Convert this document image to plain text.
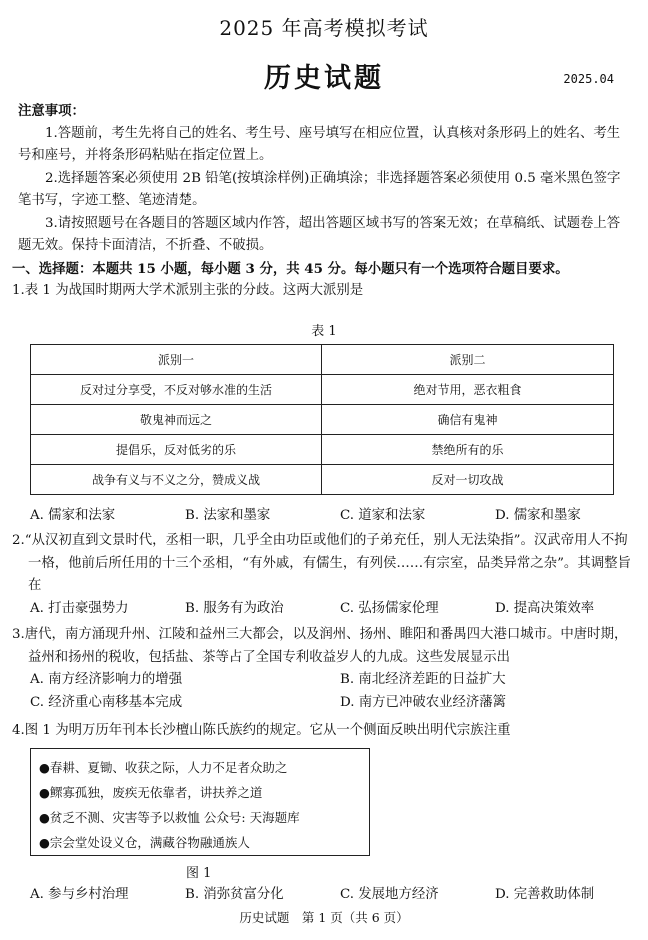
2025 年高考模拟考试
历史试题	2025.04
注意事项：
1.答题前，考生先将自己的姓名、考生号、座号填写在相应位置，认真核对条形码上的姓名、考生号和座号，并将条形码粘贴在指定位置上。
2.选择题答案必须使用 2B 铅笔(按填涂样例)正确填涂；非选择题答案必须使用 0.5 毫米黑色签字笔书写，字迹工整、笔迹清楚。
3.请按照题号在各题目的答题区域内作答，超出答题区域书写的答案无效；在草稿纸、试题卷上答题无效。保持卡面清洁，不折叠、不破损。
一、选择题：本题共 15 小题，每小题 3 分，共 45 分。每小题只有一个选项符合题目要求。
1.表 1 为战国时期两大学术派别主张的分歧。这两大派别是
表 1
派别一	派别二
反对过分享受，不反对够水准的生活	绝对节用，恶衣粗食
敬鬼神而远之	确信有鬼神
提倡乐，反对低劣的乐	禁绝所有的乐
战争有义与不义之分，赞成义战	反对一切攻战
A. 儒家和法家	B. 法家和墨家	C. 道家和法家	D. 儒家和墨家
2.“从汉初直到文景时代，丞相一职，几乎全由功臣或他们的子弟充任，别人无法染指”。汉武帝用人不拘一格，他前后所任用的十三个丞相，“有外戚，有儒生，有列侯……有宗室，品类异常之杂”。其调整旨在
A. 打击豪强势力	B. 服务有为政治	C. 弘扬儒家伦理	D. 提高决策效率
3.唐代，南方涌现升州、江陵和益州三大都会，以及润州、扬州、睢阳和番禺四大港口城市。中唐时期，益州和扬州的税收，包括盐、茶等占了全国专利收益岁人的九成。这些发展显示出
A. 南方经济影响力的增强	B. 南北经济差距的日益扩大
C. 经济重心南移基本完成	D. 南方已冲破农业经济藩篱
4.图 1 为明万历年刊本长沙檀山陈氏族约的规定。它从一个侧面反映出明代宗族注重
●春耕、夏锄、收获之际，人力不足者众助之
●鳏寡孤独，废疾无依靠者，讲扶养之道
●贫乏不测、灾害等予以救恤 公众号: 天海题库
●宗会堂处设义仓，满藏谷物融通族人
图 1
A. 参与乡村治理	B. 消弥贫富分化	C. 发展地方经济	D. 完善救助体制
历史试题　第 1 页（共 6 页）
